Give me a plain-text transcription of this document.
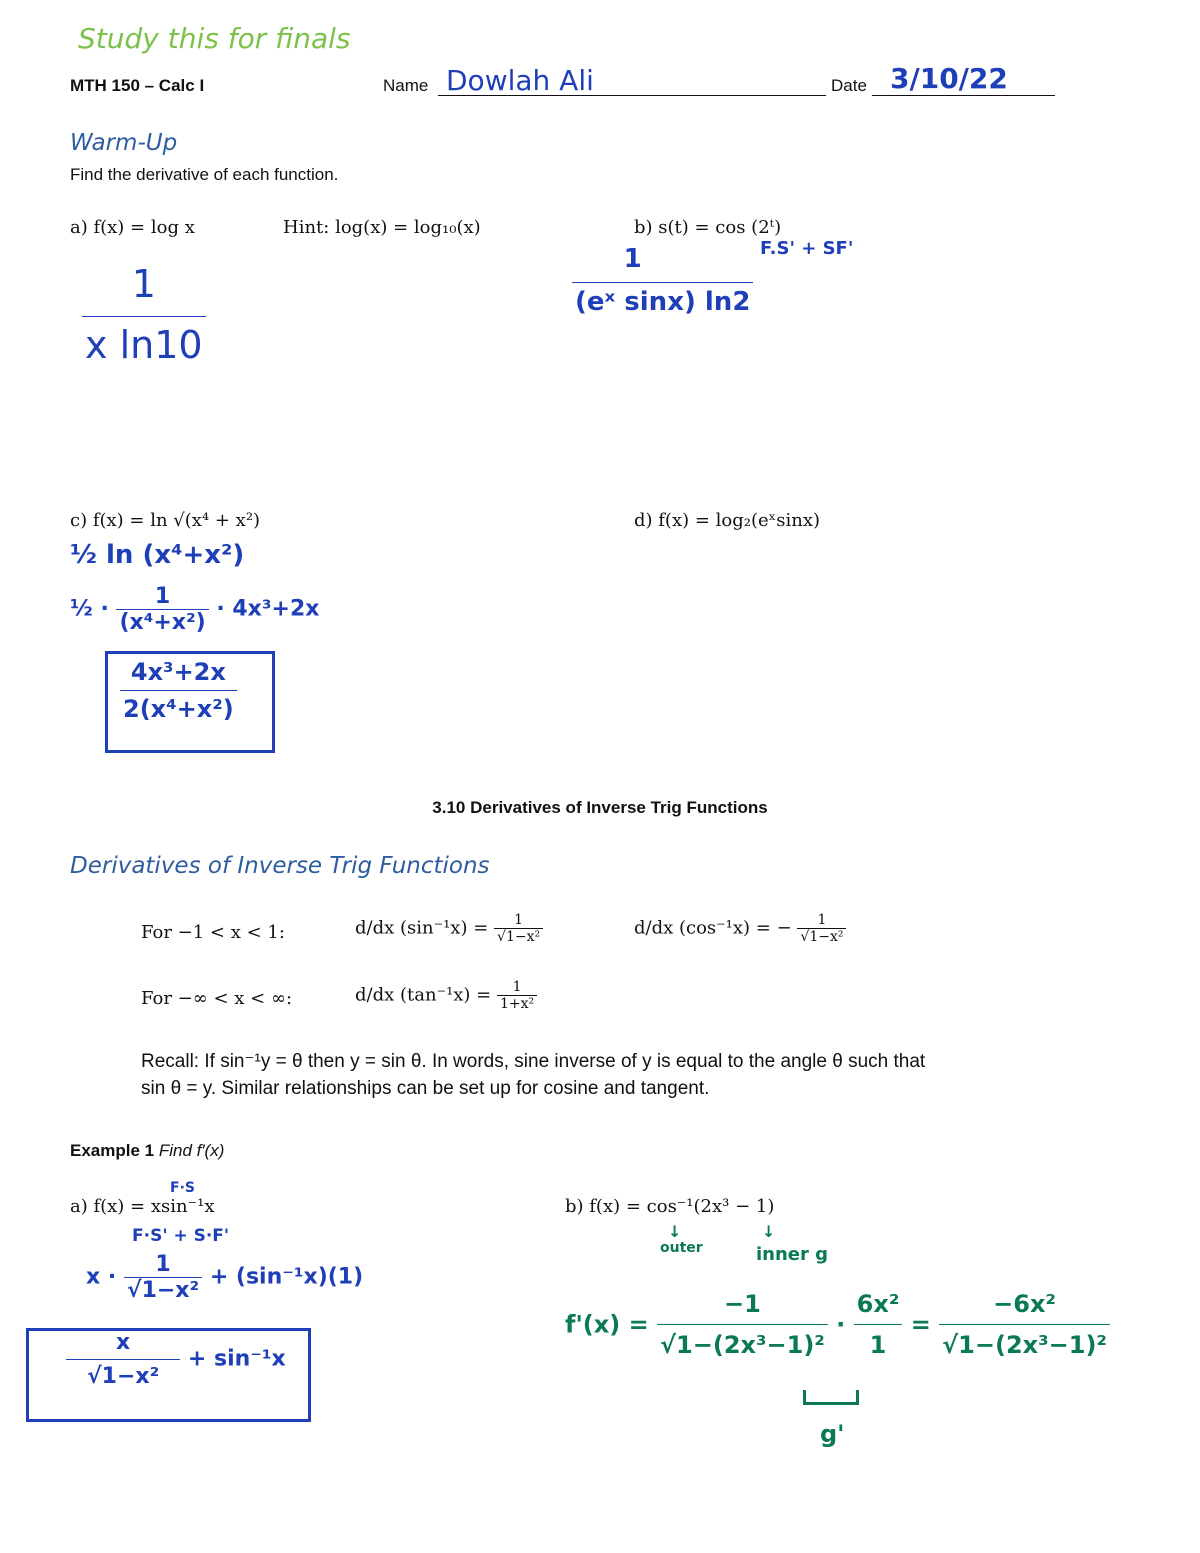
Study this for finals
MTH 150 – Calc I	Name Dowlah Ali	Date 3/10/22
Warm-Up
Find the derivative of each function.
a) f(x) = log x	Hint: log(x) = log₁₀(x)	b) s(t) = cos (2ᵗ)
$\frac{1}{\text{x ln10}}$
F.S' + SF'
$\frac{1}{\text{(eˣ sinx) ln2}}$
c) f(x) = ln √(x⁴ + x²)	d) f(x) = log₂(eˣsinx)
½ ln (x⁴+x²)
½ · $\frac{1}{\text{(x⁴+x²)}} \cdot 4x^3+2x$
$\frac{\text{4x³+2x}}{\text{2(x⁴+x²)}}$
3.10 Derivatives of Inverse Trig Functions
Derivatives of Inverse Trig Functions
For −1 < x < 1:	d/dx $(\sin^{-1}x) = \frac{1}{\text{√1−x²}}$	d/dx (cos⁻¹x) = − $\frac{1}{\text{√1−x²}}$
For −∞ < x < ∞:	d/dx $(\tan^{-1}x) = \frac{1}{\text{1+x²}}$
Recall: If sin⁻¹y = θ then y = sin θ. In words, sine inverse of y is equal to the angle θ such that
sin θ = y. Similar relationships can be set up for cosine and tangent.
Example 1 Find f′(x)
F·S
a) f(x) = xsin⁻¹x	b) f(x) = cos⁻¹(2x³ − 1)
F·S' + S·F'
$x \cdot \frac{1}{\text{√1−x²}} + (\sin^{-1}x)(1)$
$\frac{x}{\text{√1−x²}} + \sin^{-1}x$
↓
outer
↓
inner g
$f'(x) = \frac{-1}{\text{√1−(2x³−1)²}} \cdot \frac{\text{6x²}}{1} = \frac{\text{−6x²}}{\text{√1−(2x³−1)²}}$
g'
